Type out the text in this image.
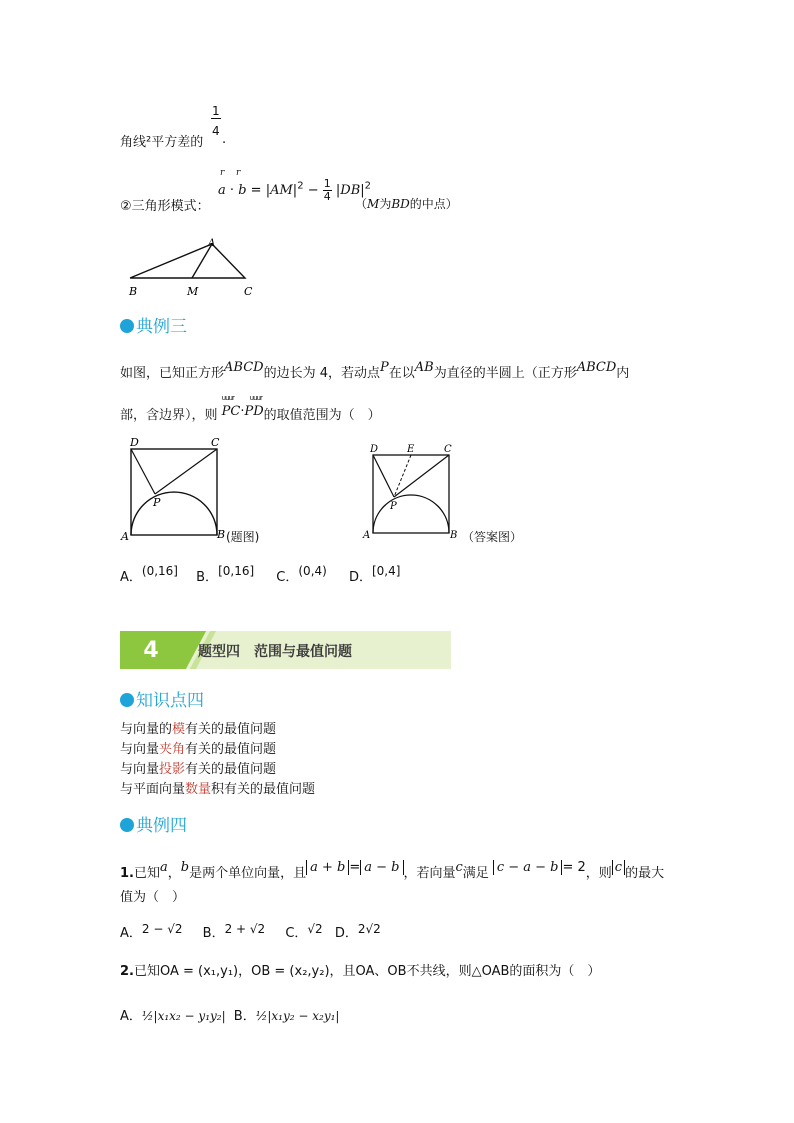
1
角线²平方差的
4
.
②三角形模式：
r r
$a \cdot b = |AM|^2 - \frac{1}{4} |DB|^2$
（M为BD的中点）
A
B	M	C
典例三
如图，已知正方形ABCD的边长为 4，若动点P在以AB为直径的半圆上（正方形ABCD内
部，含边界），则
uuur uuur
PC·PD的取值范围为（　）
D	C
P
A	B (题图)
D	E	C
P
A	B （答案图）
A．(0,16] B．[0,16] C．(0,4) D．[0,4]
4	题型四　范围与最值问题
知识点四
与向量的模有关的最值问题
与向量夹角有关的最值问题
与向量投影有关的最值问题
与平面向量数量积有关的最值问题
典例四
1.已知a，b是两个单位向量，且 a + b = a − b ，若向量c满足 c − a − b = 2，则 c 的最大
值为（　）
A．2 − √2 B．2 + √2 C．√2 D．2√2
2.已知OA = (x₁,y₁)，OB = (x₂,y₂)，且OA、OB不共线，则△OAB的面积为（　）
A．½|x₁x₂ − y₁y₂| B．½|x₁y₂ − x₂y₁|
